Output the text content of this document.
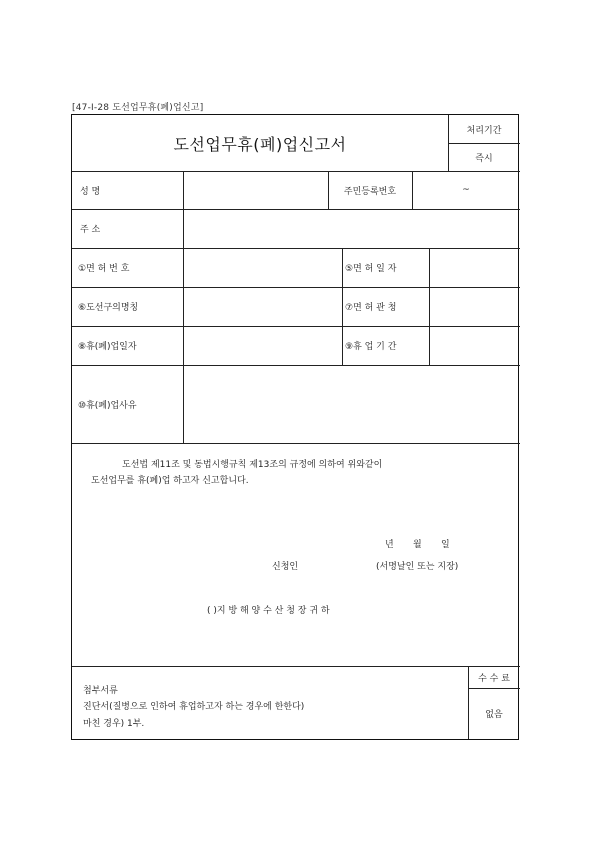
[47-I-28 도선업무휴(폐)업신고]
도선업무휴(폐)업신고서
처리기간
즉시
성 명	주민등록번호	~
주 소
①면 허 번 호	⑤면 허 일 자
⑥도선구의명칭	⑦면 허 관 청
⑧휴(폐)업일자	⑨휴 업 기 간
⑩휴(폐)업사유
도선법 제11조 및 동법시행규칙 제13조의 규정에 의하여 위와같이
도선업무를 휴(폐)업 하고자 신고합니다.
년 월 일
신청인	(서명날인 또는 지장)
( )지 방 해 양 수 산 청 장 귀 하
첨부서류
진단서(질병으로 인하여 휴업하고자 하는 경우에 한한다)
마친 경우) 1부.
수 수 료
없음
